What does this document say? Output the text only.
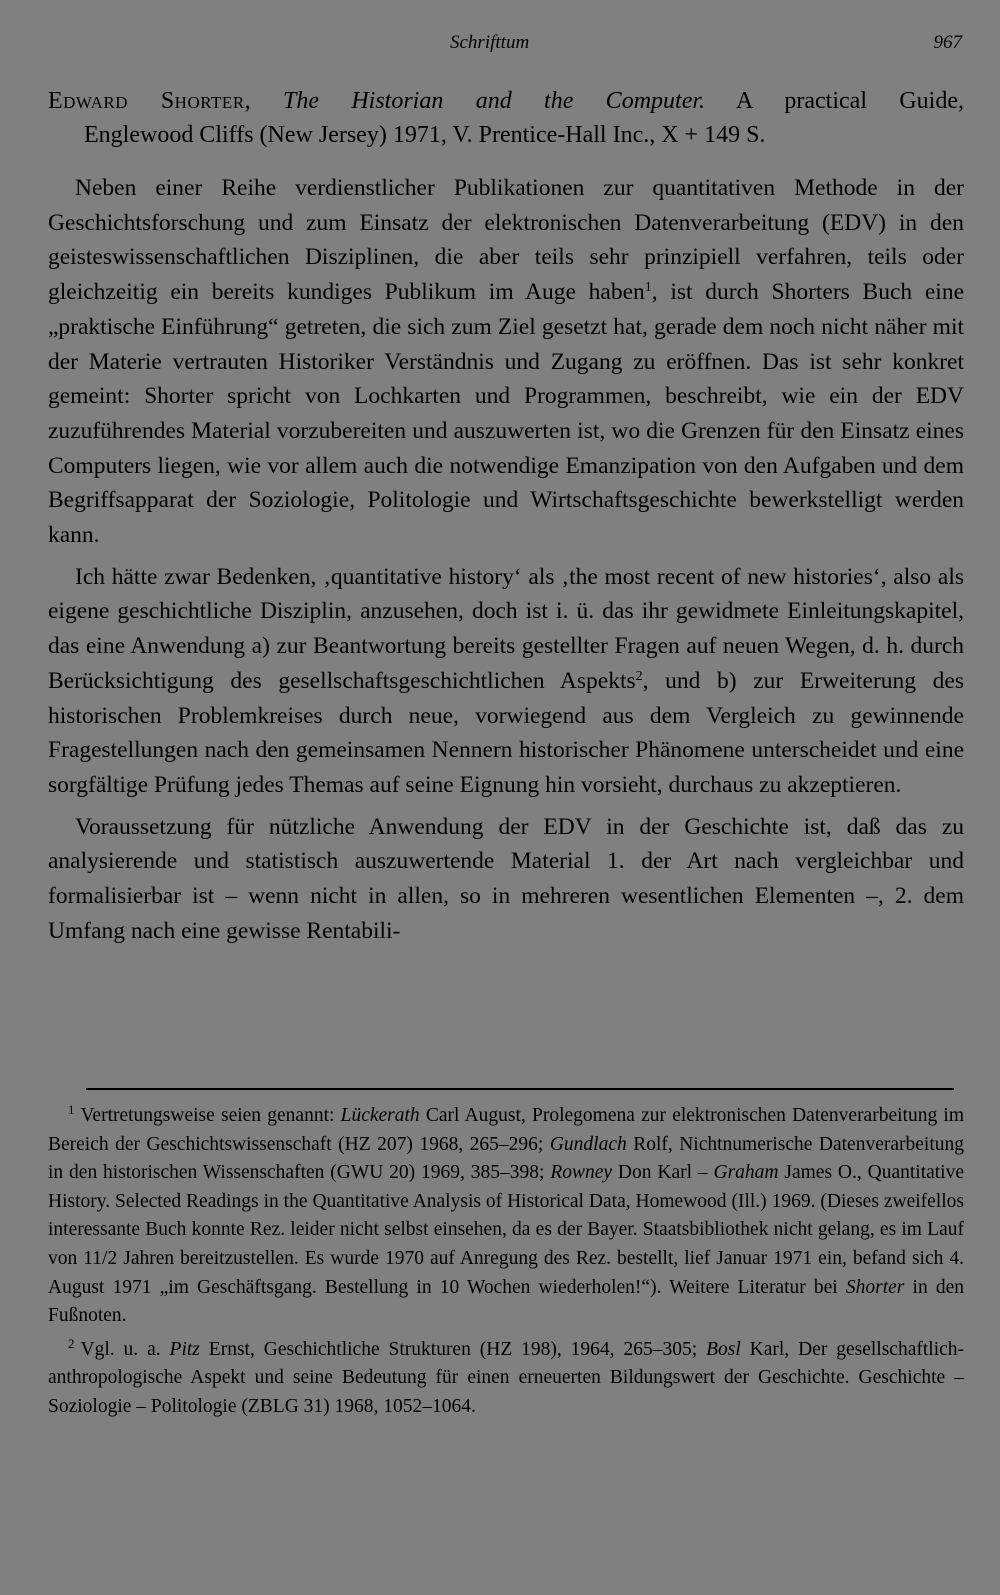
Schrifttum	967
Edward Shorter, The Historian and the Computer. A practical Guide,
Englewood Cliffs (New Jersey) 1971, V. Prentice-Hall Inc., X + 149 S.

Neben einer Reihe verdienstlicher Publikationen zur quantitativen Methode in der Geschichtsforschung und zum Einsatz der elektronischen Datenverarbeitung (EDV) in den geisteswissenschaftlichen Disziplinen, die aber teils sehr prinzipiell verfahren, teils oder gleichzeitig ein bereits kundiges Publikum im Auge haben$^1$, ist durch Shorters Buch eine „praktische Einführung“ getreten, die sich zum Ziel gesetzt hat, gerade dem noch nicht näher mit der Materie vertrauten Historiker Verständnis und Zugang zu eröffnen. Das ist sehr konkret gemeint: Shorter spricht von Lochkarten und Programmen, beschreibt, wie ein der EDV zuzuführendes Material vorzubereiten und auszuwerten ist, wo die Grenzen für den Einsatz eines Computers liegen, wie vor allem auch die notwendige Emanzipation von den Aufgaben und dem Begriffsapparat der Soziologie, Politologie und Wirtschaftsgeschichte bewerkstelligt werden kann.

Ich hätte zwar Bedenken, ‚quantitative history‘ als ‚the most recent of new histories‘, also als eigene geschichtliche Disziplin, anzusehen, doch ist i. ü. das ihr gewidmete Einleitungskapitel, das eine Anwendung a) zur Beantwortung bereits gestellter Fragen auf neuen Wegen, d. h. durch Berücksichtigung des gesellschaftsgeschichtlichen Aspekts$^2$, und b) zur Erweiterung des historischen Problemkreises durch neue, vorwiegend aus dem Vergleich zu gewinnende Fragestellungen nach den gemeinsamen Nennern historischer Phänomene unterscheidet und eine sorgfältige Prüfung jedes Themas auf seine Eignung hin vorsieht, durchaus zu akzeptieren.

Voraussetzung für nützliche Anwendung der EDV in der Geschichte ist, daß das zu analysierende und statistisch auszuwertende Material 1. der Art nach vergleichbar und formalisierbar ist – wenn nicht in allen, so in mehreren wesentlichen Elementen –, 2. dem Umfang nach eine gewisse Rentabili-

$^1$ Vertretungsweise seien genannt: Lückerath Carl August, Prolegomena zur elektronischen Datenverarbeitung im Bereich der Geschichtswissenschaft (HZ 207) 1968, 265–296; Gundlach Rolf, Nichtnumerische Datenverarbeitung in den historischen Wissenschaften (GWU 20) 1969, 385–398; Rowney Don Karl – Graham James O., Quantitative History. Selected Readings in the Quantitative Analysis of Historical Data, Homewood (Ill.) 1969. (Dieses zweifellos interessante Buch konnte Rez. leider nicht selbst einsehen, da es der Bayer. Staatsbibliothek nicht gelang, es im Lauf von 11/2 Jahren bereitzustellen. Es wurde 1970 auf Anregung des Rez. bestellt, lief Januar 1971 ein, befand sich 4. August 1971 „im Geschäftsgang. Bestellung in 10 Wochen wiederholen!“). Weitere Literatur bei Shorter in den Fußnoten.

$^2$ Vgl. u. a. Pitz Ernst, Geschichtliche Strukturen (HZ 198), 1964, 265–305; Bosl Karl, Der gesellschaftlich-anthropologische Aspekt und seine Bedeutung für einen erneuerten Bildungswert der Geschichte. Geschichte – Soziologie – Politologie (ZBLG 31) 1968, 1052–1064.
